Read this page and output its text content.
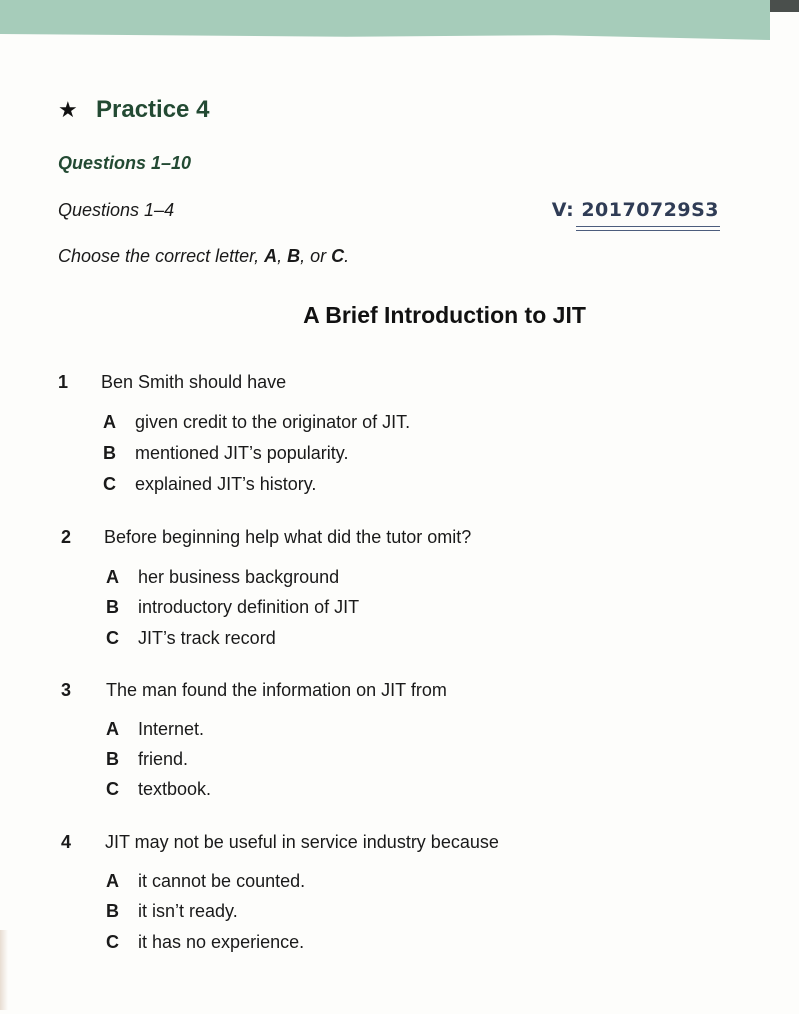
★ Practice 4
Questions 1–10
Questions 1–4	V: 20170729S3
Choose the correct letter, A, B, or C.
A Brief Introduction to JIT
1 Ben Smith should have
A given credit to the originator of JIT.
B mentioned JIT’s popularity.
C explained JIT’s history.
2 Before beginning help what did the tutor omit?
A her business background
B introductory definition of JIT
C JIT’s track record
3 The man found the information on JIT from
A Internet.
B friend.
C textbook.
4 JIT may not be useful in service industry because
A it cannot be counted.
B it isn’t ready.
C it has no experience.
